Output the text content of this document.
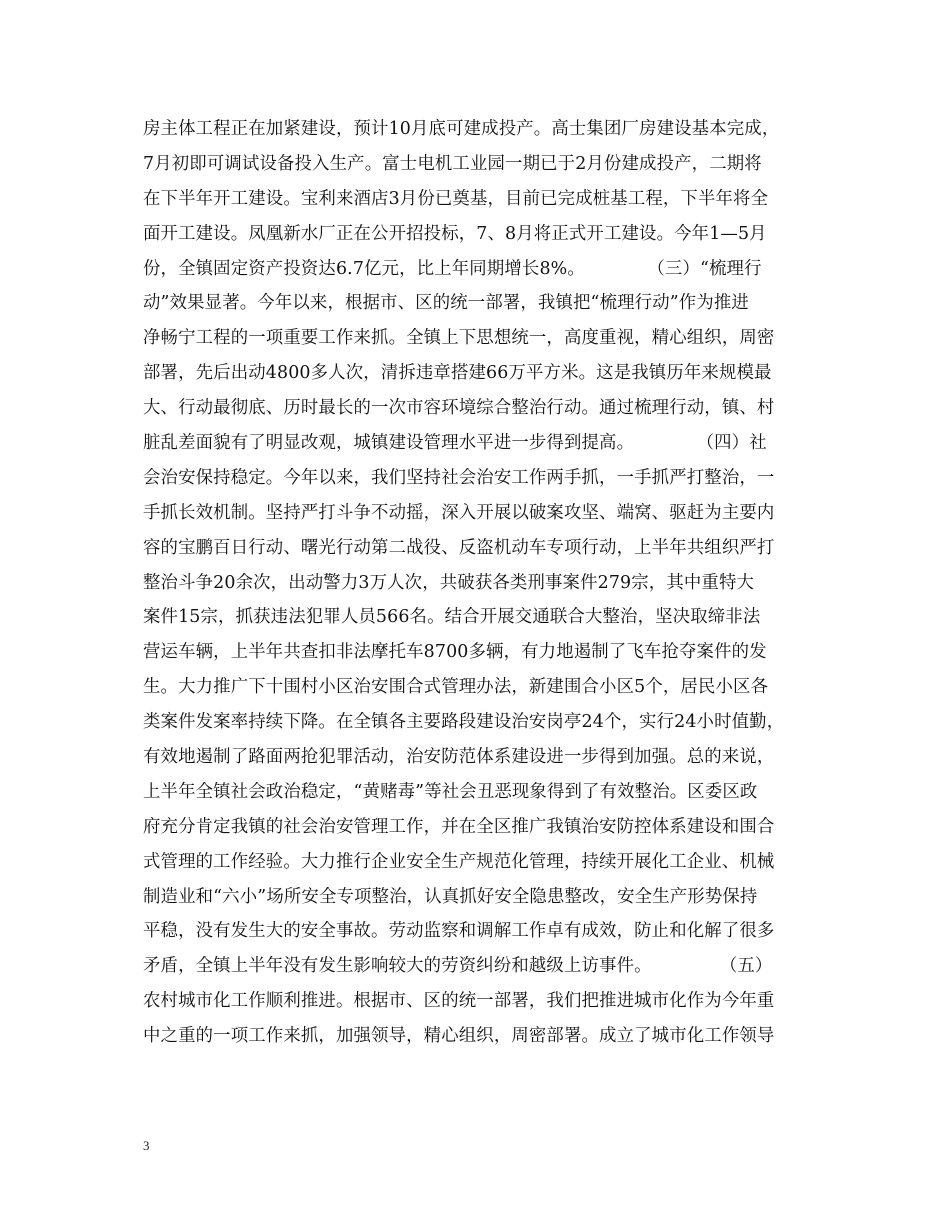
房主体工程正在加紧建设，预计10月底可建成投产。高士集团厂房建设基本完成，
7月初即可调试设备投入生产。富士电机工业园一期已于2月份建成投产，二期将
在下半年开工建设。宝利来酒店3月份已奠基，目前已完成桩基工程，下半年将全
面开工建设。凤凰新水厂正在公开招投标，7、8月将正式开工建设。今年1—5月
份，全镇固定资产投资达6.7亿元，比上年同期增长8%。           （三）“梳理行
动”效果显著。今年以来，根据市、区的统一部署，我镇把“梳理行动”作为推进
净畅宁工程的一项重要工作来抓。全镇上下思想统一，高度重视，精心组织，周密
部署，先后出动4800多人次，清拆违章搭建66万平方米。这是我镇历年来规模最
大、行动最彻底、历时最长的一次市容环境综合整治行动。通过梳理行动，镇、村
脏乱差面貌有了明显改观，城镇建设管理水平进一步得到提高。           （四）社
会治安保持稳定。今年以来，我们坚持社会治安工作两手抓，一手抓严打整治，一
手抓长效机制。坚持严打斗争不动摇，深入开展以破案攻坚、端窝、驱赶为主要内
容的宝鹏百日行动、曙光行动第二战役、反盗机动车专项行动，上半年共组织严打
整治斗争20余次，出动警力3万人次，共破获各类刑事案件279宗，其中重特大
案件15宗，抓获违法犯罪人员566名。结合开展交通联合大整治，坚决取缔非法
营运车辆，上半年共查扣非法摩托车8700多辆，有力地遏制了飞车抢夺案件的发
生。大力推广下十围村小区治安围合式管理办法，新建围合小区5个，居民小区各
类案件发案率持续下降。在全镇各主要路段建设治安岗亭24个，实行24小时值勤，
有效地遏制了路面两抢犯罪活动，治安防范体系建设进一步得到加强。总的来说，
上半年全镇社会政治稳定，“黄赌毒”等社会丑恶现象得到了有效整治。区委区政
府充分肯定我镇的社会治安管理工作，并在全区推广我镇治安防控体系建设和围合
式管理的工作经验。大力推行企业安全生产规范化管理，持续开展化工企业、机械
制造业和“六小”场所安全专项整治，认真抓好安全隐患整改，安全生产形势保持
平稳，没有发生大的安全事故。劳动监察和调解工作卓有成效，防止和化解了很多
矛盾，全镇上半年没有发生影响较大的劳资纠纷和越级上访事件。            （五）
农村城市化工作顺利推进。根据市、区的统一部署，我们把推进城市化作为今年重
中之重的一项工作来抓，加强领导，精心组织，周密部署。成立了城市化工作领导
3
